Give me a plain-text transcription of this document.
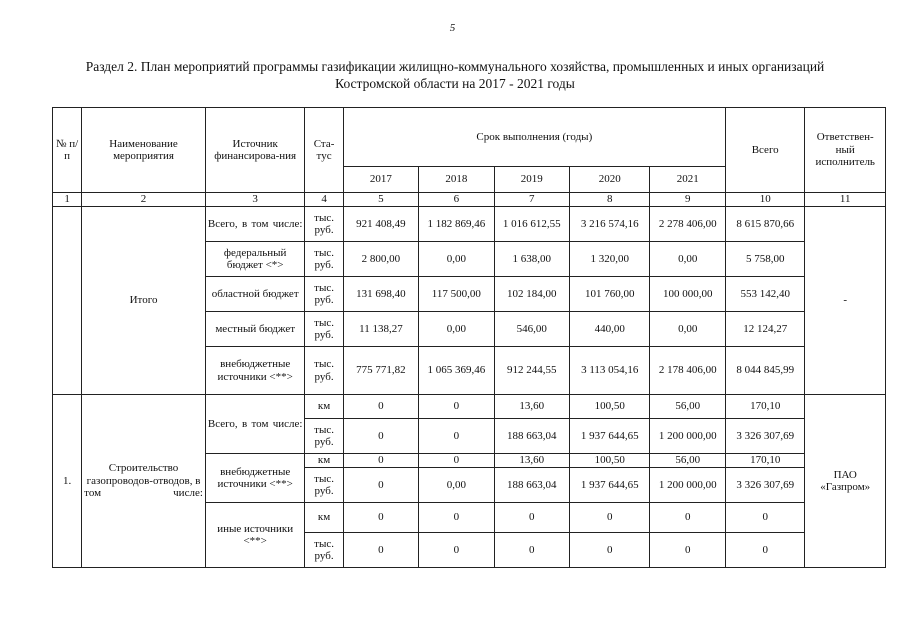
5
Раздел 2. План мероприятий программы газификации жилищно-коммунального хозяйства, промышленных и иных организаций Костромской области на 2017 - 2021 годы
№ п/п	Наименование мероприятия	Источник финансирова-ния	Ста-тус	Срок выполнения (годы)					Всего	Ответствен-ный исполнитель
				2017	2018	2019	2020	2021		
1	2	3	4	5	6	7	8	9	10	11
	Итого	Всего, в том числе:	тыс. руб.	921 408,49	1 182 869,46	1 016 612,55	3 216 574,16	2 278 406,00	8 615 870,66	-
		федеральный бюджет <*>	тыс. руб.	2 800,00	0,00	1 638,00	1 320,00	0,00	5 758,00	
		областной бюджет	тыс. руб.	131 698,40	117 500,00	102 184,00	101 760,00	100 000,00	553 142,40	
		местный бюджет	тыс. руб.	11 138,27	0,00	546,00	440,00	0,00	12 124,27	
		внебюджетные источники <**>	тыс. руб.	775 771,82	1 065 369,46	912 244,55	3 113 054,16	2 178 406,00	8 044 845,99	
1.	Строительство газопроводов-отводов, в том числе:	Всего, в том числе:	км	0	0	13,60	100,50	56,00	170,10	ПАО «Газпром»
			тыс. руб.	0	0	188 663,04	1 937 644,65	1 200 000,00	3 326 307,69	
		внебюджетные источники <**>	км	0	0	13,60	100,50	56,00	170,10	
			тыс. руб.	0	0,00	188 663,04	1 937 644,65	1 200 000,00	3 326 307,69	
		иные источники <**>	км	0	0	0	0	0	0	
			тыс. руб.	0	0	0	0	0	0	
